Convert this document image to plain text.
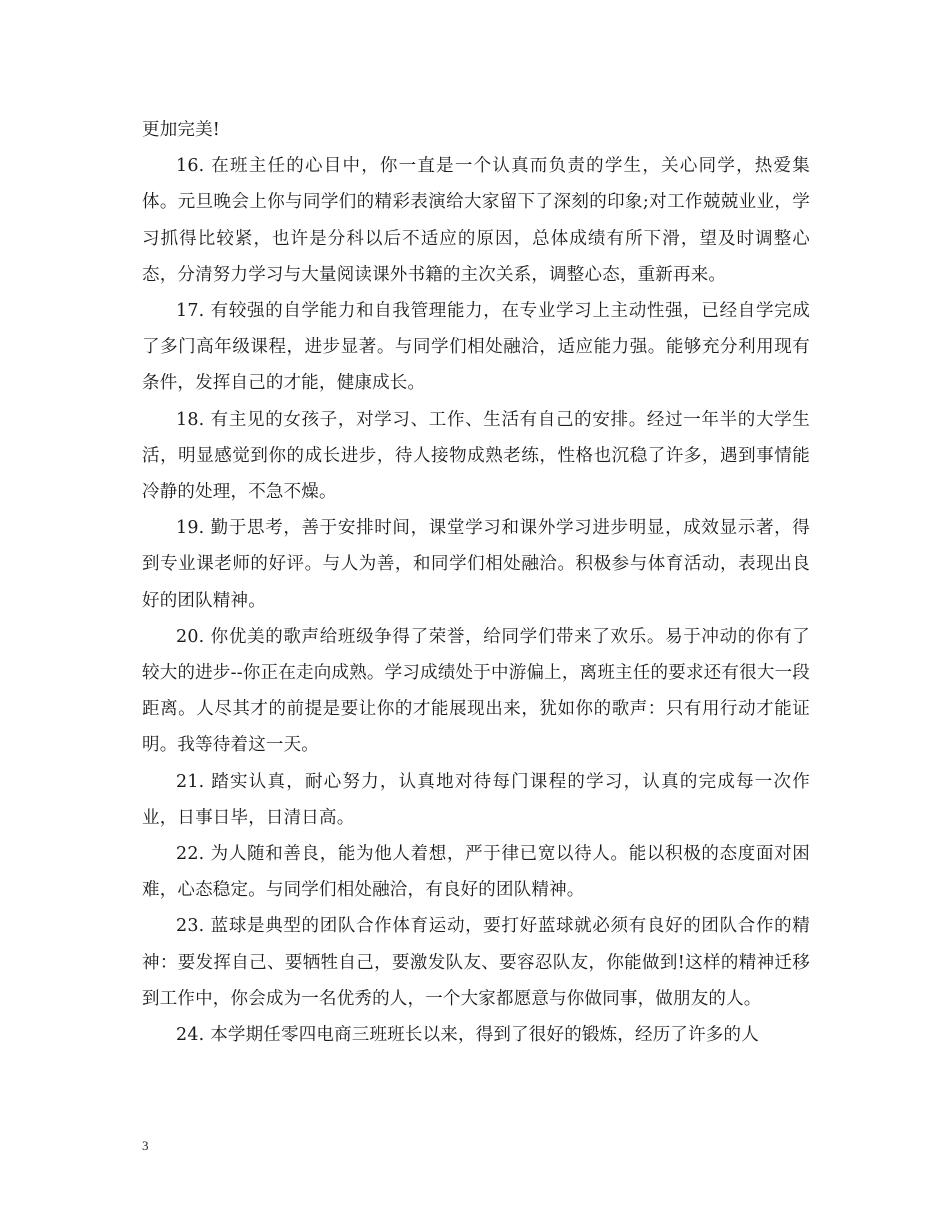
更加完美!

16. 在班主任的心目中，你一直是一个认真而负责的学生，关心同学，热爱集体。元旦晚会上你与同学们的精彩表演给大家留下了深刻的印象;对工作兢兢业业，学习抓得比较紧，也许是分科以后不适应的原因，总体成绩有所下滑，望及时调整心态，分清努力学习与大量阅读课外书籍的主次关系，调整心态，重新再来。

17. 有较强的自学能力和自我管理能力，在专业学习上主动性强，已经自学完成了多门高年级课程，进步显著。与同学们相处融洽，适应能力强。能够充分利用现有条件，发挥自己的才能，健康成长。

18. 有主见的女孩子，对学习、工作、生活有自己的安排。经过一年半的大学生活，明显感觉到你的成长进步，待人接物成熟老练，性格也沉稳了许多，遇到事情能冷静的处理，不急不燥。

19. 勤于思考，善于安排时间，课堂学习和课外学习进步明显，成效显示著，得到专业课老师的好评。与人为善，和同学们相处融洽。积极参与体育活动，表现出良好的团队精神。

20. 你优美的歌声给班级争得了荣誉，给同学们带来了欢乐。易于冲动的你有了较大的进步--你正在走向成熟。学习成绩处于中游偏上，离班主任的要求还有很大一段距离。人尽其才的前提是要让你的才能展现出来，犹如你的歌声：只有用行动才能证明。我等待着这一天。

21. 踏实认真，耐心努力，认真地对待每门课程的学习，认真的完成每一次作业，日事日毕，日清日高。

22. 为人随和善良，能为他人着想，严于律已宽以待人。能以积极的态度面对困难，心态稳定。与同学们相处融洽，有良好的团队精神。

23. 蓝球是典型的团队合作体育运动，要打好蓝球就必须有良好的团队合作的精神：要发挥自己、要牺牲自己，要激发队友、要容忍队友，你能做到!这样的精神迁移到工作中，你会成为一名优秀的人，一个大家都愿意与你做同事，做朋友的人。

24. 本学期任零四电商三班班长以来，得到了很好的锻炼，经历了许多的人

3
